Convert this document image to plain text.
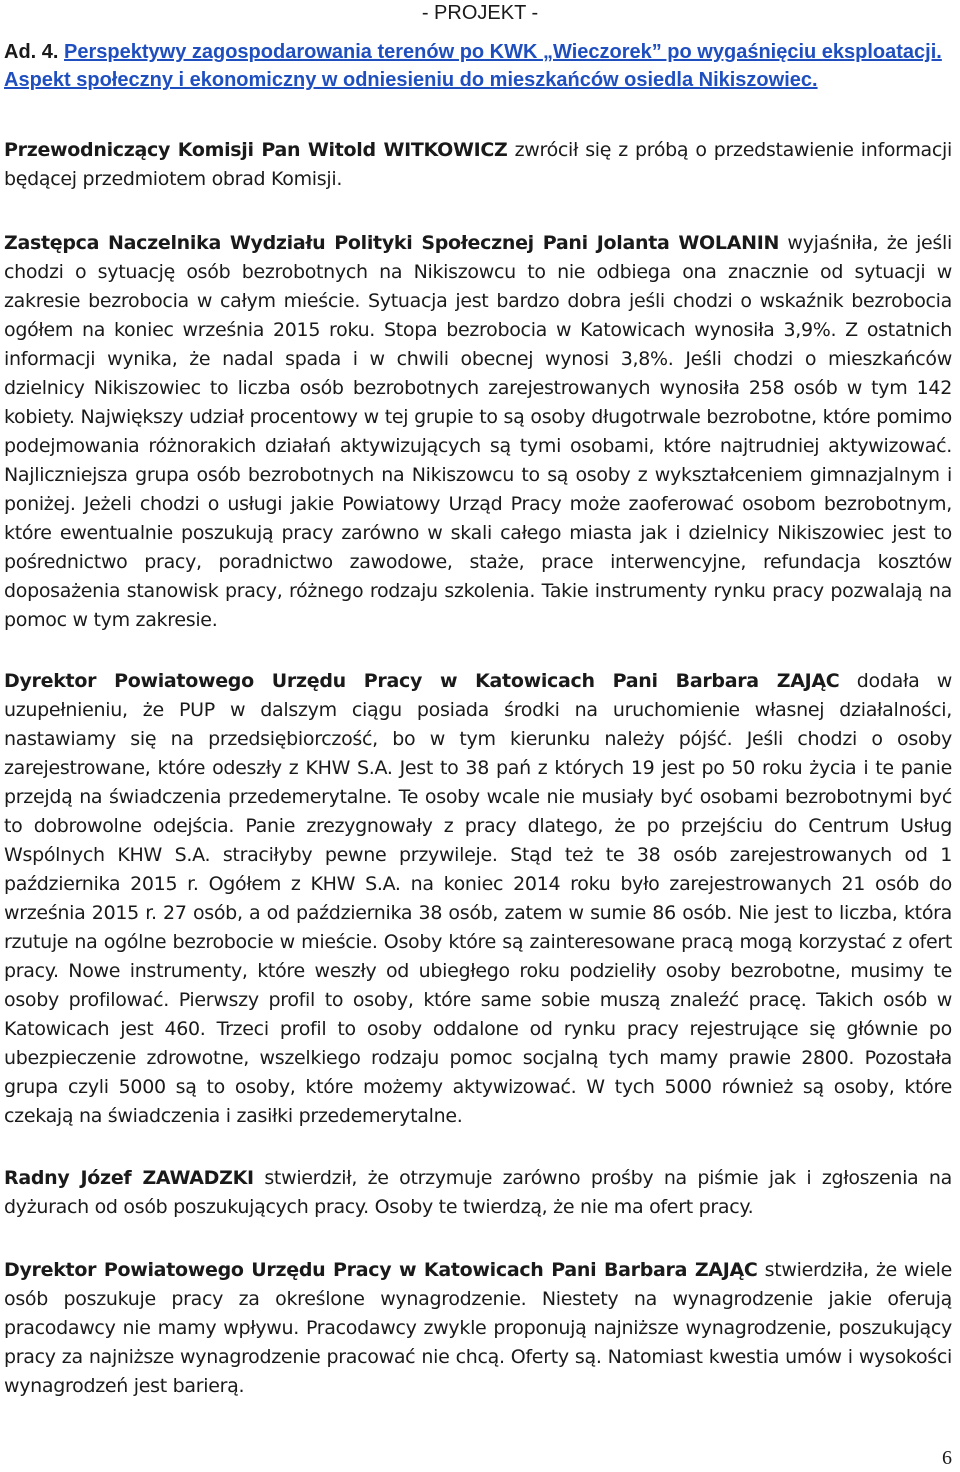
- PROJEKT -
Ad. 4. Perspektywy zagospodarowania terenów po KWK „Wieczorek” po wygaśnięciu eksploatacji. Aspekt społeczny i ekonomiczny w odniesieniu do mieszkańców osiedla Nikiszowiec.
Przewodniczący Komisji Pan Witold WITKOWICZ zwrócił się z próbą o przedstawienie informacji będącej przedmiotem obrad Komisji.
Zastępca Naczelnika Wydziału Polityki Społecznej Pani Jolanta WOLANIN wyjaśniła, że jeśli chodzi o sytuację osób bezrobotnych na Nikiszowcu to nie odbiega ona znacznie od sytuacji w zakresie bezrobocia w całym mieście. Sytuacja jest bardzo dobra jeśli chodzi o wskaźnik bezrobocia ogółem na koniec września 2015 roku. Stopa bezrobocia w Katowicach wynosiła 3,9%. Z ostatnich informacji wynika, że nadal spada i w chwili obecnej wynosi 3,8%. Jeśli chodzi o mieszkańców dzielnicy Nikiszowiec to liczba osób bezrobotnych zarejestrowanych wynosiła 258 osób w tym 142 kobiety. Największy udział procentowy w tej grupie to są osoby długotrwale bezrobotne, które pomimo podejmowania różnorakich działań aktywizujących są tymi osobami, które najtrudniej aktywizować. Najliczniejsza grupa osób bezrobotnych na Nikiszowcu to są osoby z wykształceniem gimnazjalnym i poniżej. Jeżeli chodzi o usługi jakie Powiatowy Urząd Pracy może zaoferować osobom bezrobotnym, które ewentualnie poszukują pracy zarówno w skali całego miasta jak i dzielnicy Nikiszowiec jest to pośrednictwo pracy, poradnictwo zawodowe, staże, prace interwencyjne, refundacja kosztów doposażenia stanowisk pracy, różnego rodzaju szkolenia. Takie instrumenty rynku pracy pozwalają na pomoc w tym zakresie.
Dyrektor Powiatowego Urzędu Pracy w Katowicach Pani Barbara ZAJĄC dodała w uzupełnieniu, że PUP w dalszym ciągu posiada środki na uruchomienie własnej działalności, nastawiamy się na przedsiębiorczość, bo w tym kierunku należy pójść. Jeśli chodzi o osoby zarejestrowane, które odeszły z KHW S.A. Jest to 38 pań z których 19 jest po 50 roku życia i te panie przejdą na świadczenia przedemerytalne. Te osoby wcale nie musiały być osobami bezrobotnymi być to dobrowolne odejścia. Panie zrezygnowały z pracy dlatego, że po przejściu do Centrum Usług Wspólnych KHW S.A. straciłyby pewne przywileje. Stąd też te 38 osób zarejestrowanych od 1 października 2015 r. Ogółem z KHW S.A. na koniec 2014 roku było zarejestrowanych 21 osób do września 2015 r. 27 osób, a od października 38 osób, zatem w sumie 86 osób. Nie jest to liczba, która rzutuje na ogólne bezrobocie w mieście. Osoby które są zainteresowane pracą mogą korzystać z ofert pracy. Nowe instrumenty, które weszły od ubiegłego roku podzieliły osoby bezrobotne, musimy te osoby profilować. Pierwszy profil to osoby, które same sobie muszą znaleźć pracę. Takich osób w Katowicach jest 460. Trzeci profil to osoby oddalone od rynku pracy rejestrujące się głównie po ubezpieczenie zdrowotne, wszelkiego rodzaju pomoc socjalną tych mamy prawie 2800. Pozostała grupa czyli 5000 są to osoby, które możemy aktywizować. W tych 5000 również są osoby, które czekają na świadczenia i zasiłki przedemerytalne.
Radny Józef ZAWADZKI stwierdził, że otrzymuje zarówno prośby na piśmie jak i zgłoszenia na dyżurach od osób poszukujących pracy. Osoby te twierdzą, że nie ma ofert pracy.
Dyrektor Powiatowego Urzędu Pracy w Katowicach Pani Barbara ZAJĄC stwierdziła, że wiele osób poszukuje pracy za określone wynagrodzenie. Niestety na wynagrodzenie jakie oferują pracodawcy nie mamy wpływu. Pracodawcy zwykle proponują najniższe wynagrodzenie, poszukujący pracy za najniższe wynagrodzenie pracować nie chcą. Oferty są. Natomiast kwestia umów i wysokości wynagrodzeń jest barierą.
6
